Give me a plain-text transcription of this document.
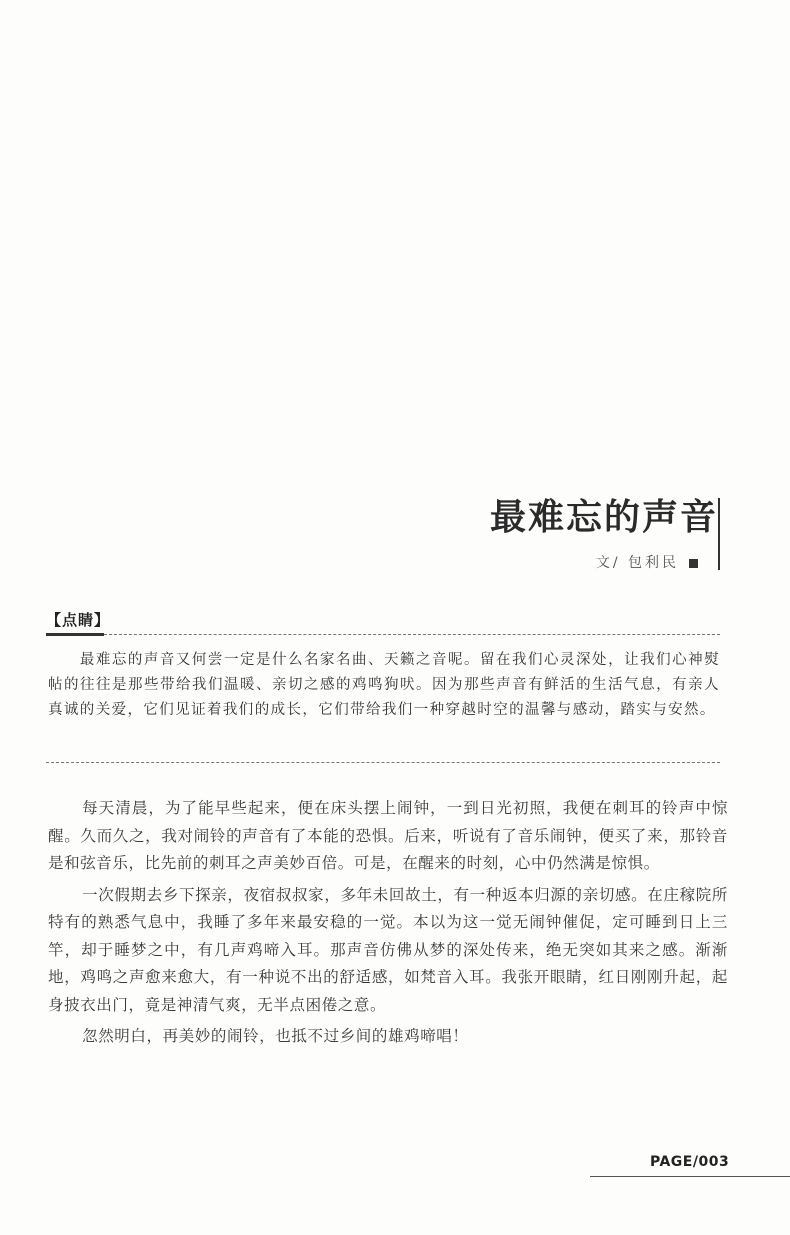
最难忘的声音
文/ 包利民
【点睛】

最难忘的声音又何尝一定是什么名家名曲、天籁之音呢。留在我们心灵深处，让我们心神熨帖的往往是那些带给我们温暖、亲切之感的鸡鸣狗吠。因为那些声音有鲜活的生活气息，有亲人真诚的关爱，它们见证着我们的成长，它们带给我们一种穿越时空的温馨与感动，踏实与安然。

每天清晨，为了能早些起来，便在床头摆上闹钟，一到日光初照，我便在刺耳的铃声中惊醒。久而久之，我对闹铃的声音有了本能的恐惧。后来，听说有了音乐闹钟，便买了来，那铃音是和弦音乐，比先前的刺耳之声美妙百倍。可是，在醒来的时刻，心中仍然满是惊惧。

一次假期去乡下探亲，夜宿叔叔家，多年未回故土，有一种返本归源的亲切感。在庄稼院所特有的熟悉气息中，我睡了多年来最安稳的一觉。本以为这一觉无闹钟催促，定可睡到日上三竿，却于睡梦之中，有几声鸡啼入耳。那声音仿佛从梦的深处传来，绝无突如其来之感。渐渐地，鸡鸣之声愈来愈大，有一种说不出的舒适感，如梵音入耳。我张开眼睛，红日刚刚升起，起身披衣出门，竟是神清气爽，无半点困倦之意。

忽然明白，再美妙的闹铃，也抵不过乡间的雄鸡啼唱！

PAGE/003
